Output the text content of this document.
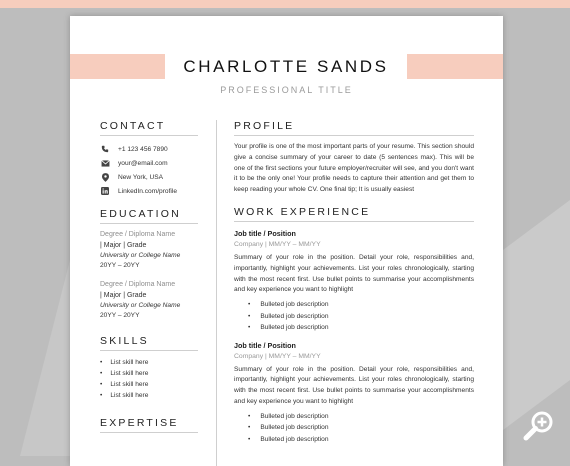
CHARLOTTE SANDS
PROFESSIONAL TITLE
CONTACT
+1 123 456 7890
your@email.com
New York, USA
LinkedIn.com/profile
EDUCATION
Degree / Diploma Name
| Major | Grade
University or College Name
20YY – 20YY
Degree / Diploma Name
| Major | Grade
University or College Name
20YY – 20YY
SKILLS
• List skill here
• List skill here
• List skill here
• List skill here
EXPERTISE
PROFILE
Your profile is one of the most important parts of your resume. This section should give a concise summary of your career to date (5 sentences max). This will be one of the first sections your future employer/recruiter will see, and you don't want it to be the only one! Your profile needs to capture their attention and get them to keep reading your whole CV. One final tip; It is usually easiest
WORK EXPERIENCE
Job title / Position
Company | MM/YY – MM/YY
Summary of your role in the position. Detail your role, responsibilities and, importantly, highlight your achievements. List your roles chronologically, starting with the most recent first. Use bullet points to summarise your accomplishments and key experience you want to highlight
• Bulleted job description
• Bulleted job description
• Bulleted job description
Job title / Position
Company | MM/YY – MM/YY
Summary of your role in the position. Detail your role, responsibilities and, importantly, highlight your achievements. List your roles chronologically, starting with the most recent first. Use bullet points to summarise your accomplishments and key experience you want to highlight
• Bulleted job description
• Bulleted job description
• Bulleted job description
